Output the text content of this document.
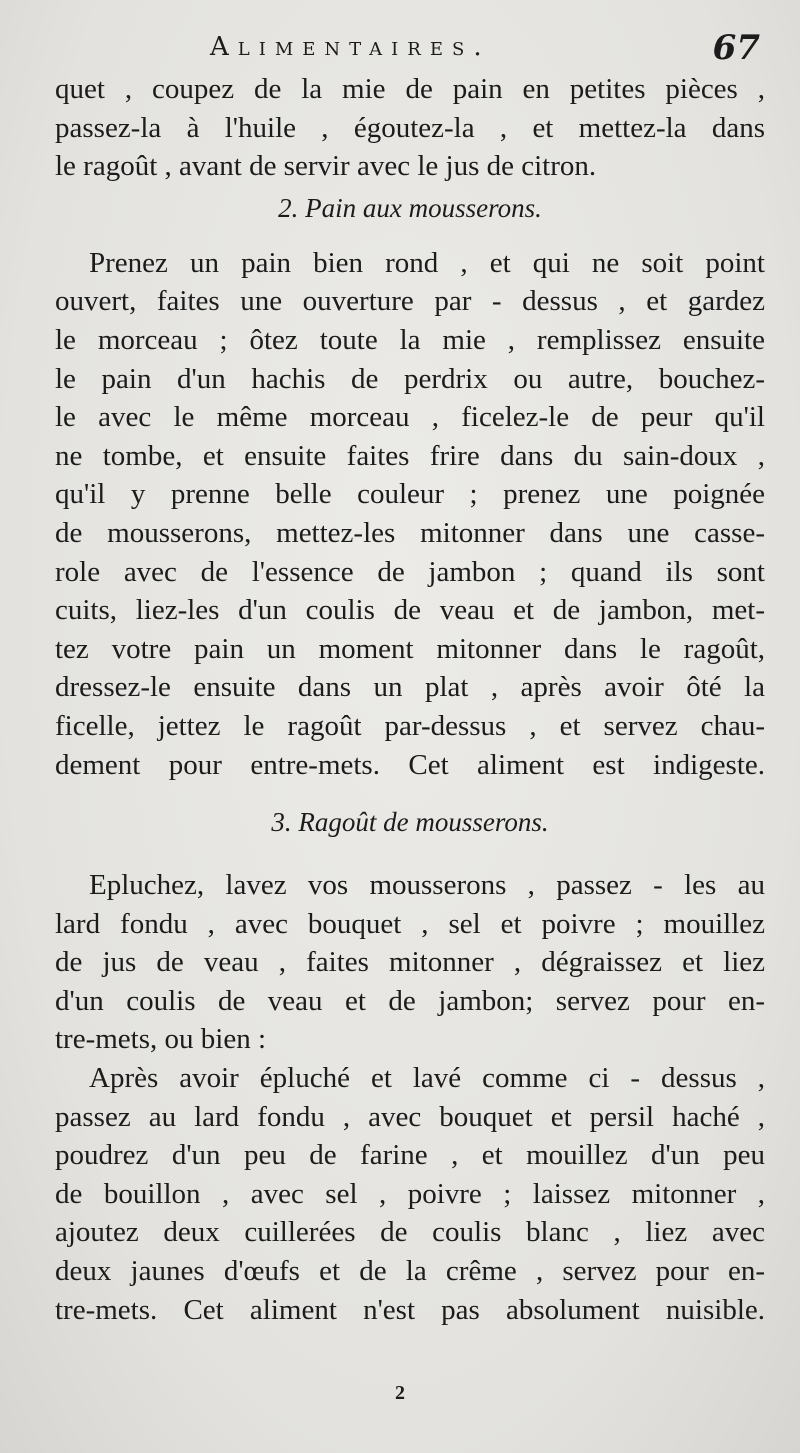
Alimentaires.	67
quet , coupez de la mie de pain en petites pièces ,
passez-la à l'huile , égoutez-la , et mettez-la dans
le ragoût , avant de servir avec le jus de citron.
2. Pain aux mousserons.
Prenez un pain bien rond , et qui ne soit point
ouvert, faites une ouverture par - dessus , et gardez
le morceau ; ôtez toute la mie , remplissez ensuite
le pain d'un hachis de perdrix ou autre, bouchez-
le avec le même morceau , ficelez-le de peur qu'il
ne tombe, et ensuite faites frire dans du sain-doux ,
qu'il y prenne belle couleur ; prenez une poignée
de mousserons, mettez-les mitonner dans une casse-
role avec de l'essence de jambon ; quand ils sont
cuits, liez-les d'un coulis de veau et de jambon, met-
tez votre pain un moment mitonner dans le ragoût,
dressez-le ensuite dans un plat , après avoir ôté la
ficelle, jettez le ragoût par-dessus , et servez chau-
dement pour entre-mets. Cet aliment est indigeste.
3. Ragoût de mousserons.
Epluchez, lavez vos mousserons , passez - les au
lard fondu , avec bouquet , sel et poivre ; mouillez
de jus de veau , faites mitonner , dégraissez et liez
d'un coulis de veau et de jambon; servez pour en-
tre-mets, ou bien :
Après avoir épluché et lavé comme ci - dessus ,
passez au lard fondu , avec bouquet et persil haché ,
poudrez d'un peu de farine , et mouillez d'un peu
de bouillon , avec sel , poivre ; laissez mitonner ,
ajoutez deux cuillerées de coulis blanc , liez avec
deux jaunes d'œufs et de la crême , servez pour en-
tre-mets. Cet aliment n'est pas absolument nuisible.
2
